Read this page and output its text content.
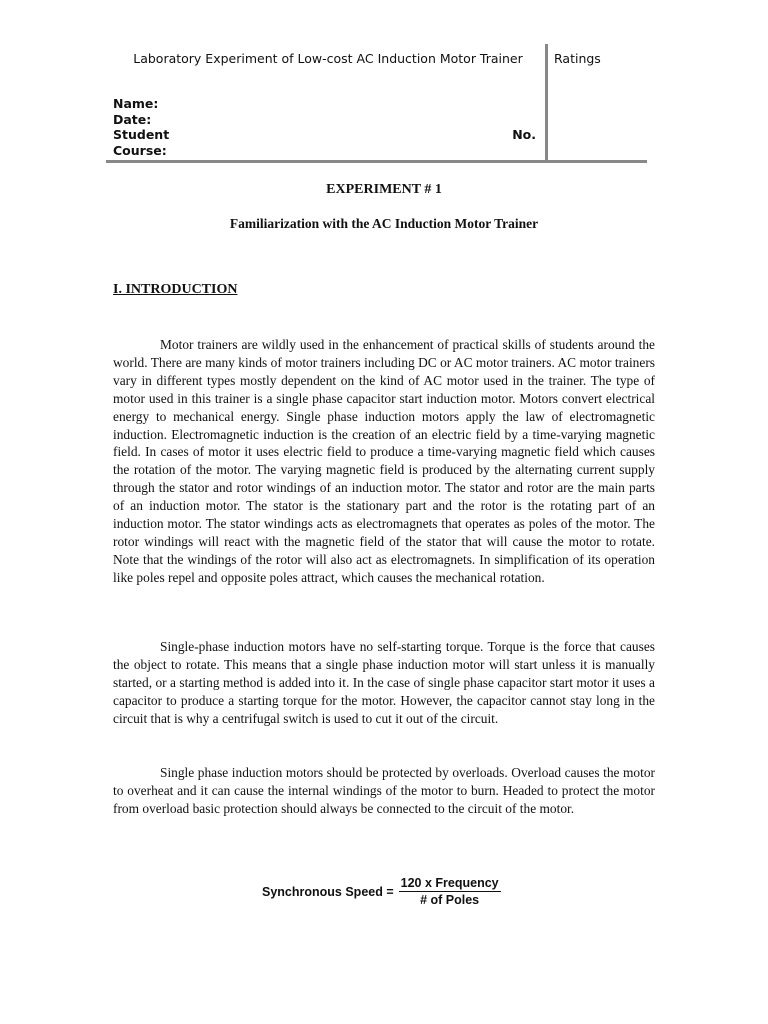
Laboratory Experiment of Low-cost AC Induction Motor Trainer
Name:
Date:
Student
Course:
No.
Ratings
EXPERIMENT # 1
Familiarization with the AC Induction Motor Trainer
I. INTRODUCTION

Motor trainers are wildly used in the enhancement of practical skills of students around the world. There are many kinds of motor trainers including DC or AC motor trainers. AC motor trainers vary in different types mostly dependent on the kind of AC motor used in the trainer. The type of motor used in this trainer is a single phase capacitor start induction motor. Motors convert electrical energy to mechanical energy. Single phase induction motors apply the law of electromagnetic induction. Electromagnetic induction is the creation of an electric field by a time-varying magnetic field. In cases of motor it uses electric field to produce a time-varying magnetic field which causes the rotation of the motor. The varying magnetic field is produced by the alternating current supply through the stator and rotor windings of an induction motor. The stator and rotor are the main parts of an induction motor. The stator is the stationary part and the rotor is the rotating part of an induction motor. The stator windings acts as electromagnets that operates as poles of the motor. The rotor windings will react with the magnetic field of the stator that will cause the motor to rotate. Note that the windings of the rotor will also act as electromagnets. In simplification of its operation like poles repel and opposite poles attract, which causes the mechanical rotation.

Single-phase induction motors have no self-starting torque. Torque is the force that causes the object to rotate. This means that a single phase induction motor will start unless it is manually started, or a starting method is added into it. In the case of single phase capacitor start motor it uses a capacitor to produce a starting torque for the motor. However, the capacitor cannot stay long in the circuit that is why a centrifugal switch is used to cut it out of the circuit.

Single phase induction motors should be protected by overloads. Overload causes the motor to overheat and it can cause the internal windings of the motor to burn. Headed to protect the motor from overload basic protection should always be connected to the circuit of the motor.

Synchronous Speed = $\frac{\text{120 x Frequency}}{\text{\# of Poles}}$
